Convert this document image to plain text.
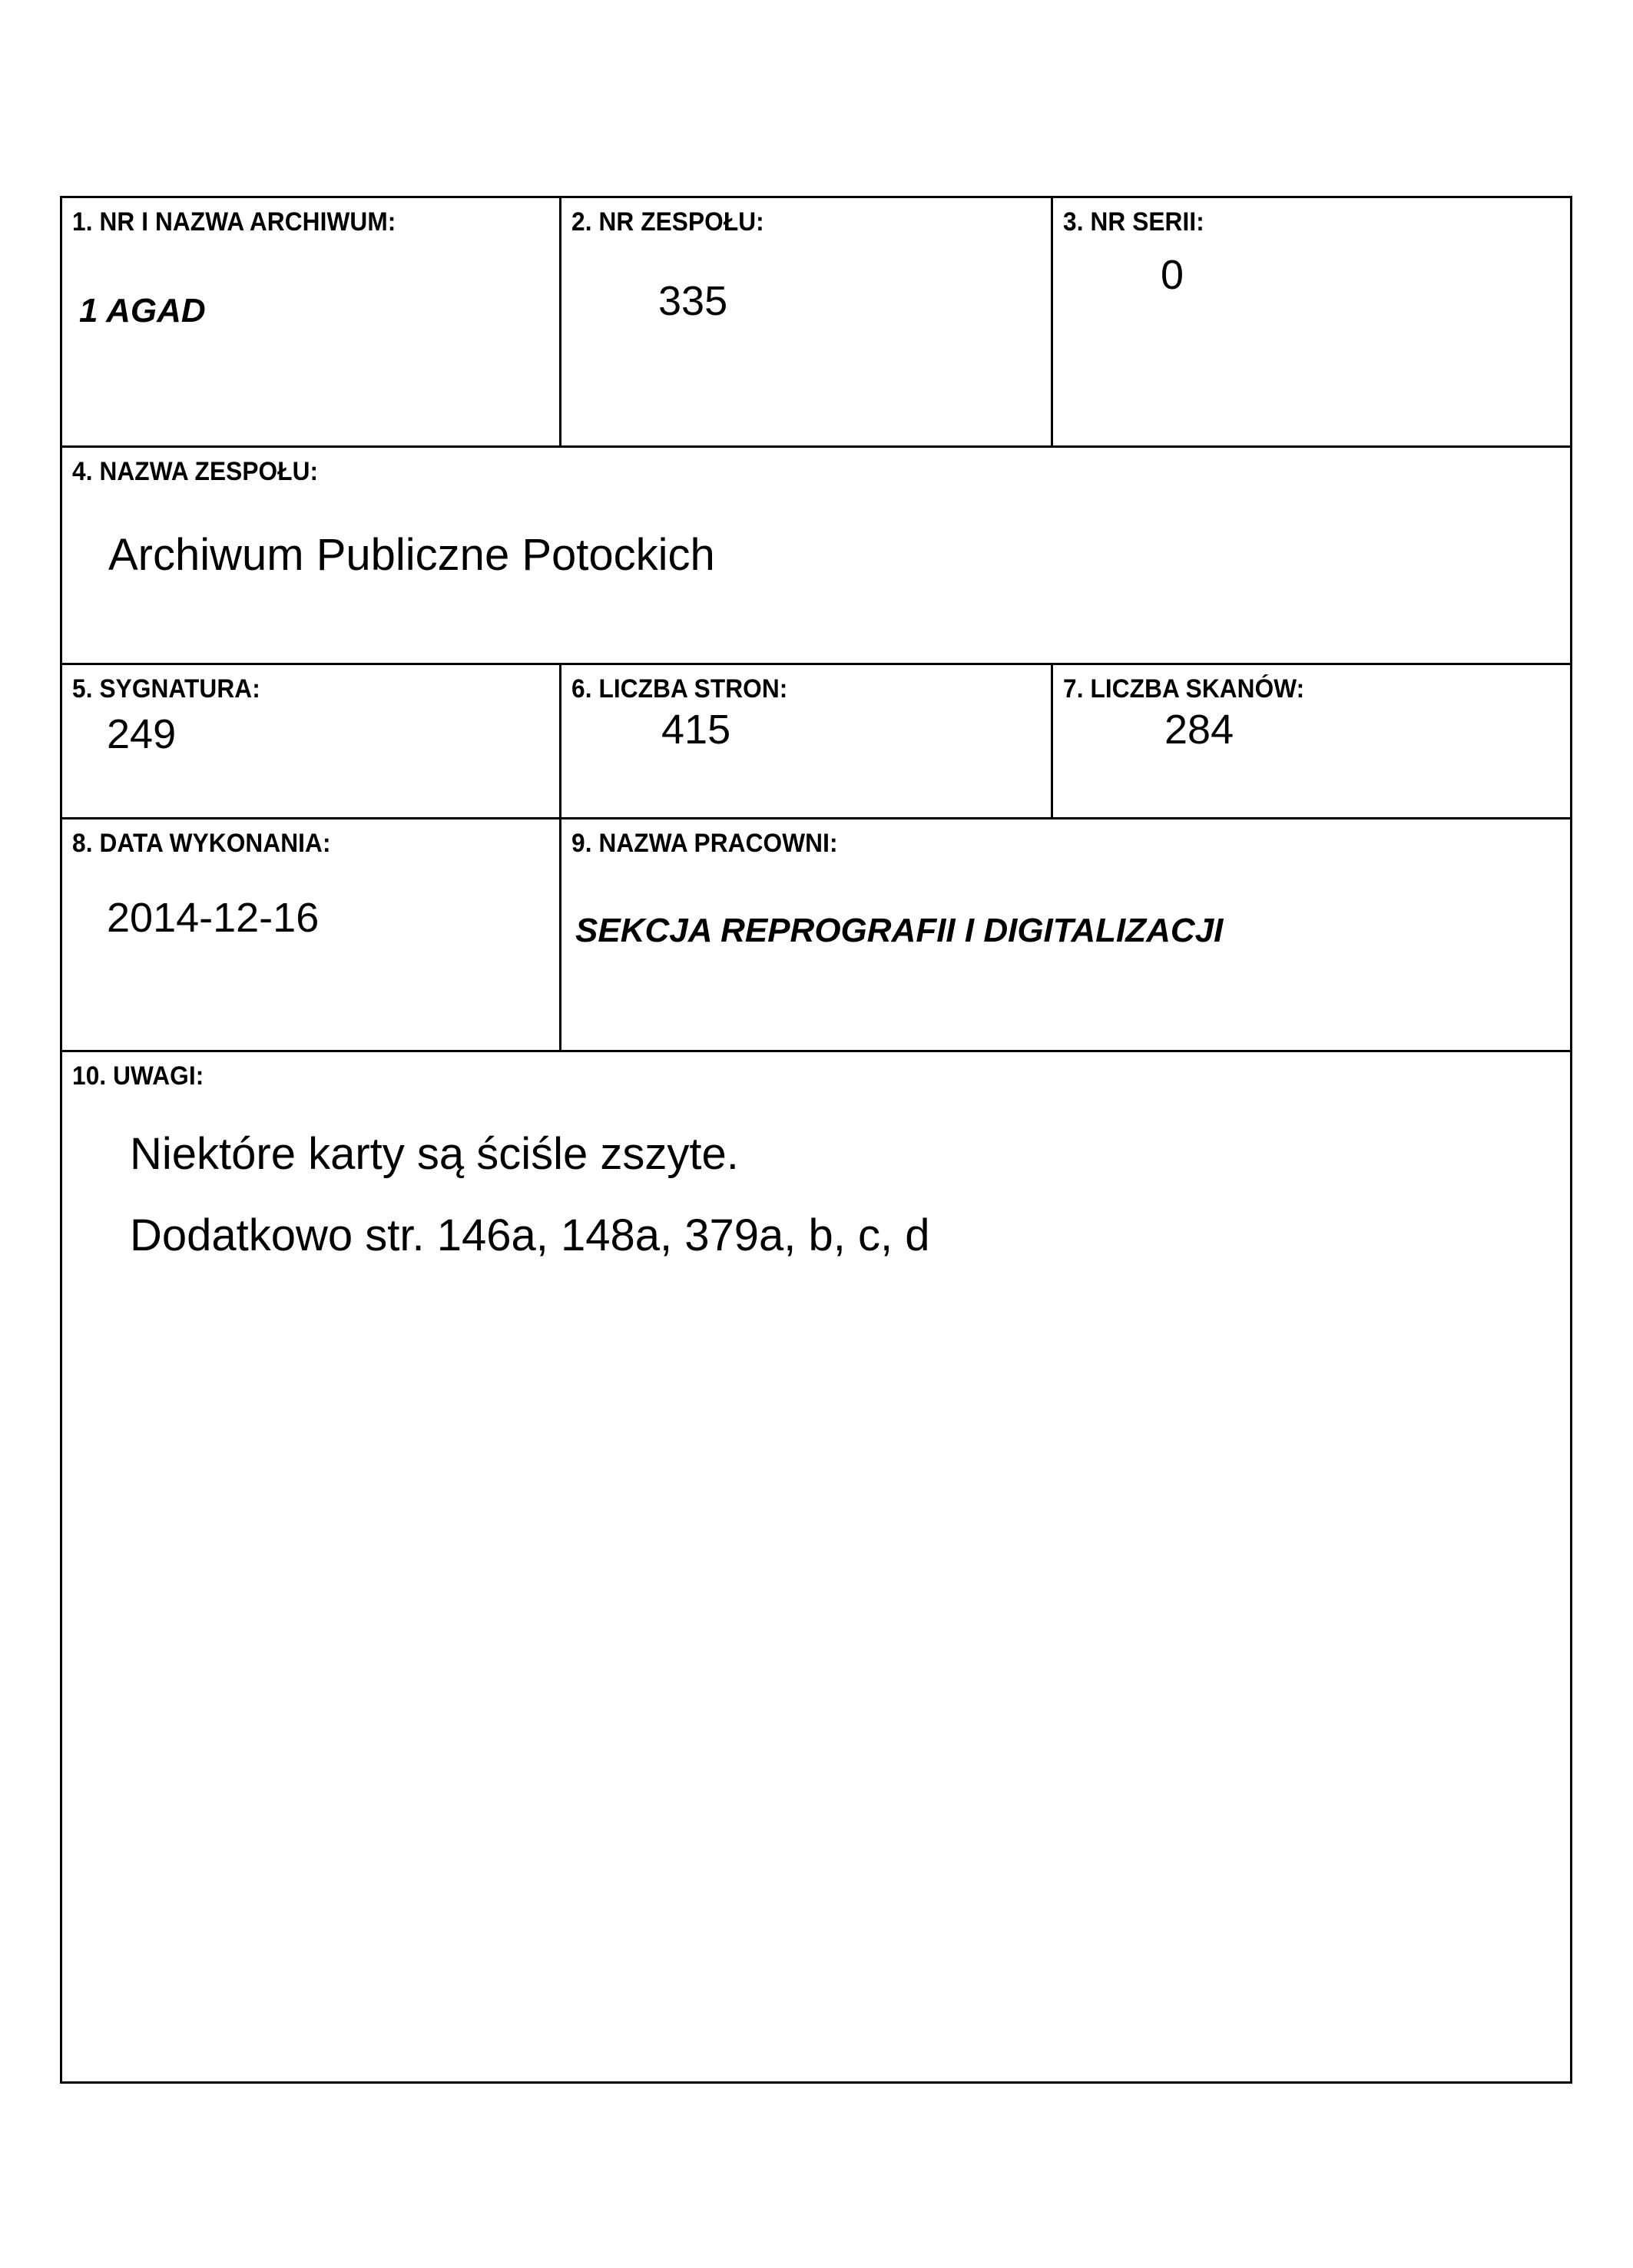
1. NR I NAZWA ARCHIWUM:
1 AGAD

2. NR ZESPOŁU:
335

3. NR SERII:
0

4. NAZWA ZESPOŁU:
Archiwum Publiczne Potockich		

5. SYGNATURA:
249

6. LICZBA STRON:
415

7. LICZBA SKANÓW:
284

8. DATA WYKONANIA:
2014-12-16

9. NAZWA PRACOWNI:
SEKCJA REPROGRAFII I DIGITALIZACJI

10. UWAGI:
Niektóre karty są ściśle zszyte.
Dodatkowo str. 146a, 148a, 379a, b, c, d		
